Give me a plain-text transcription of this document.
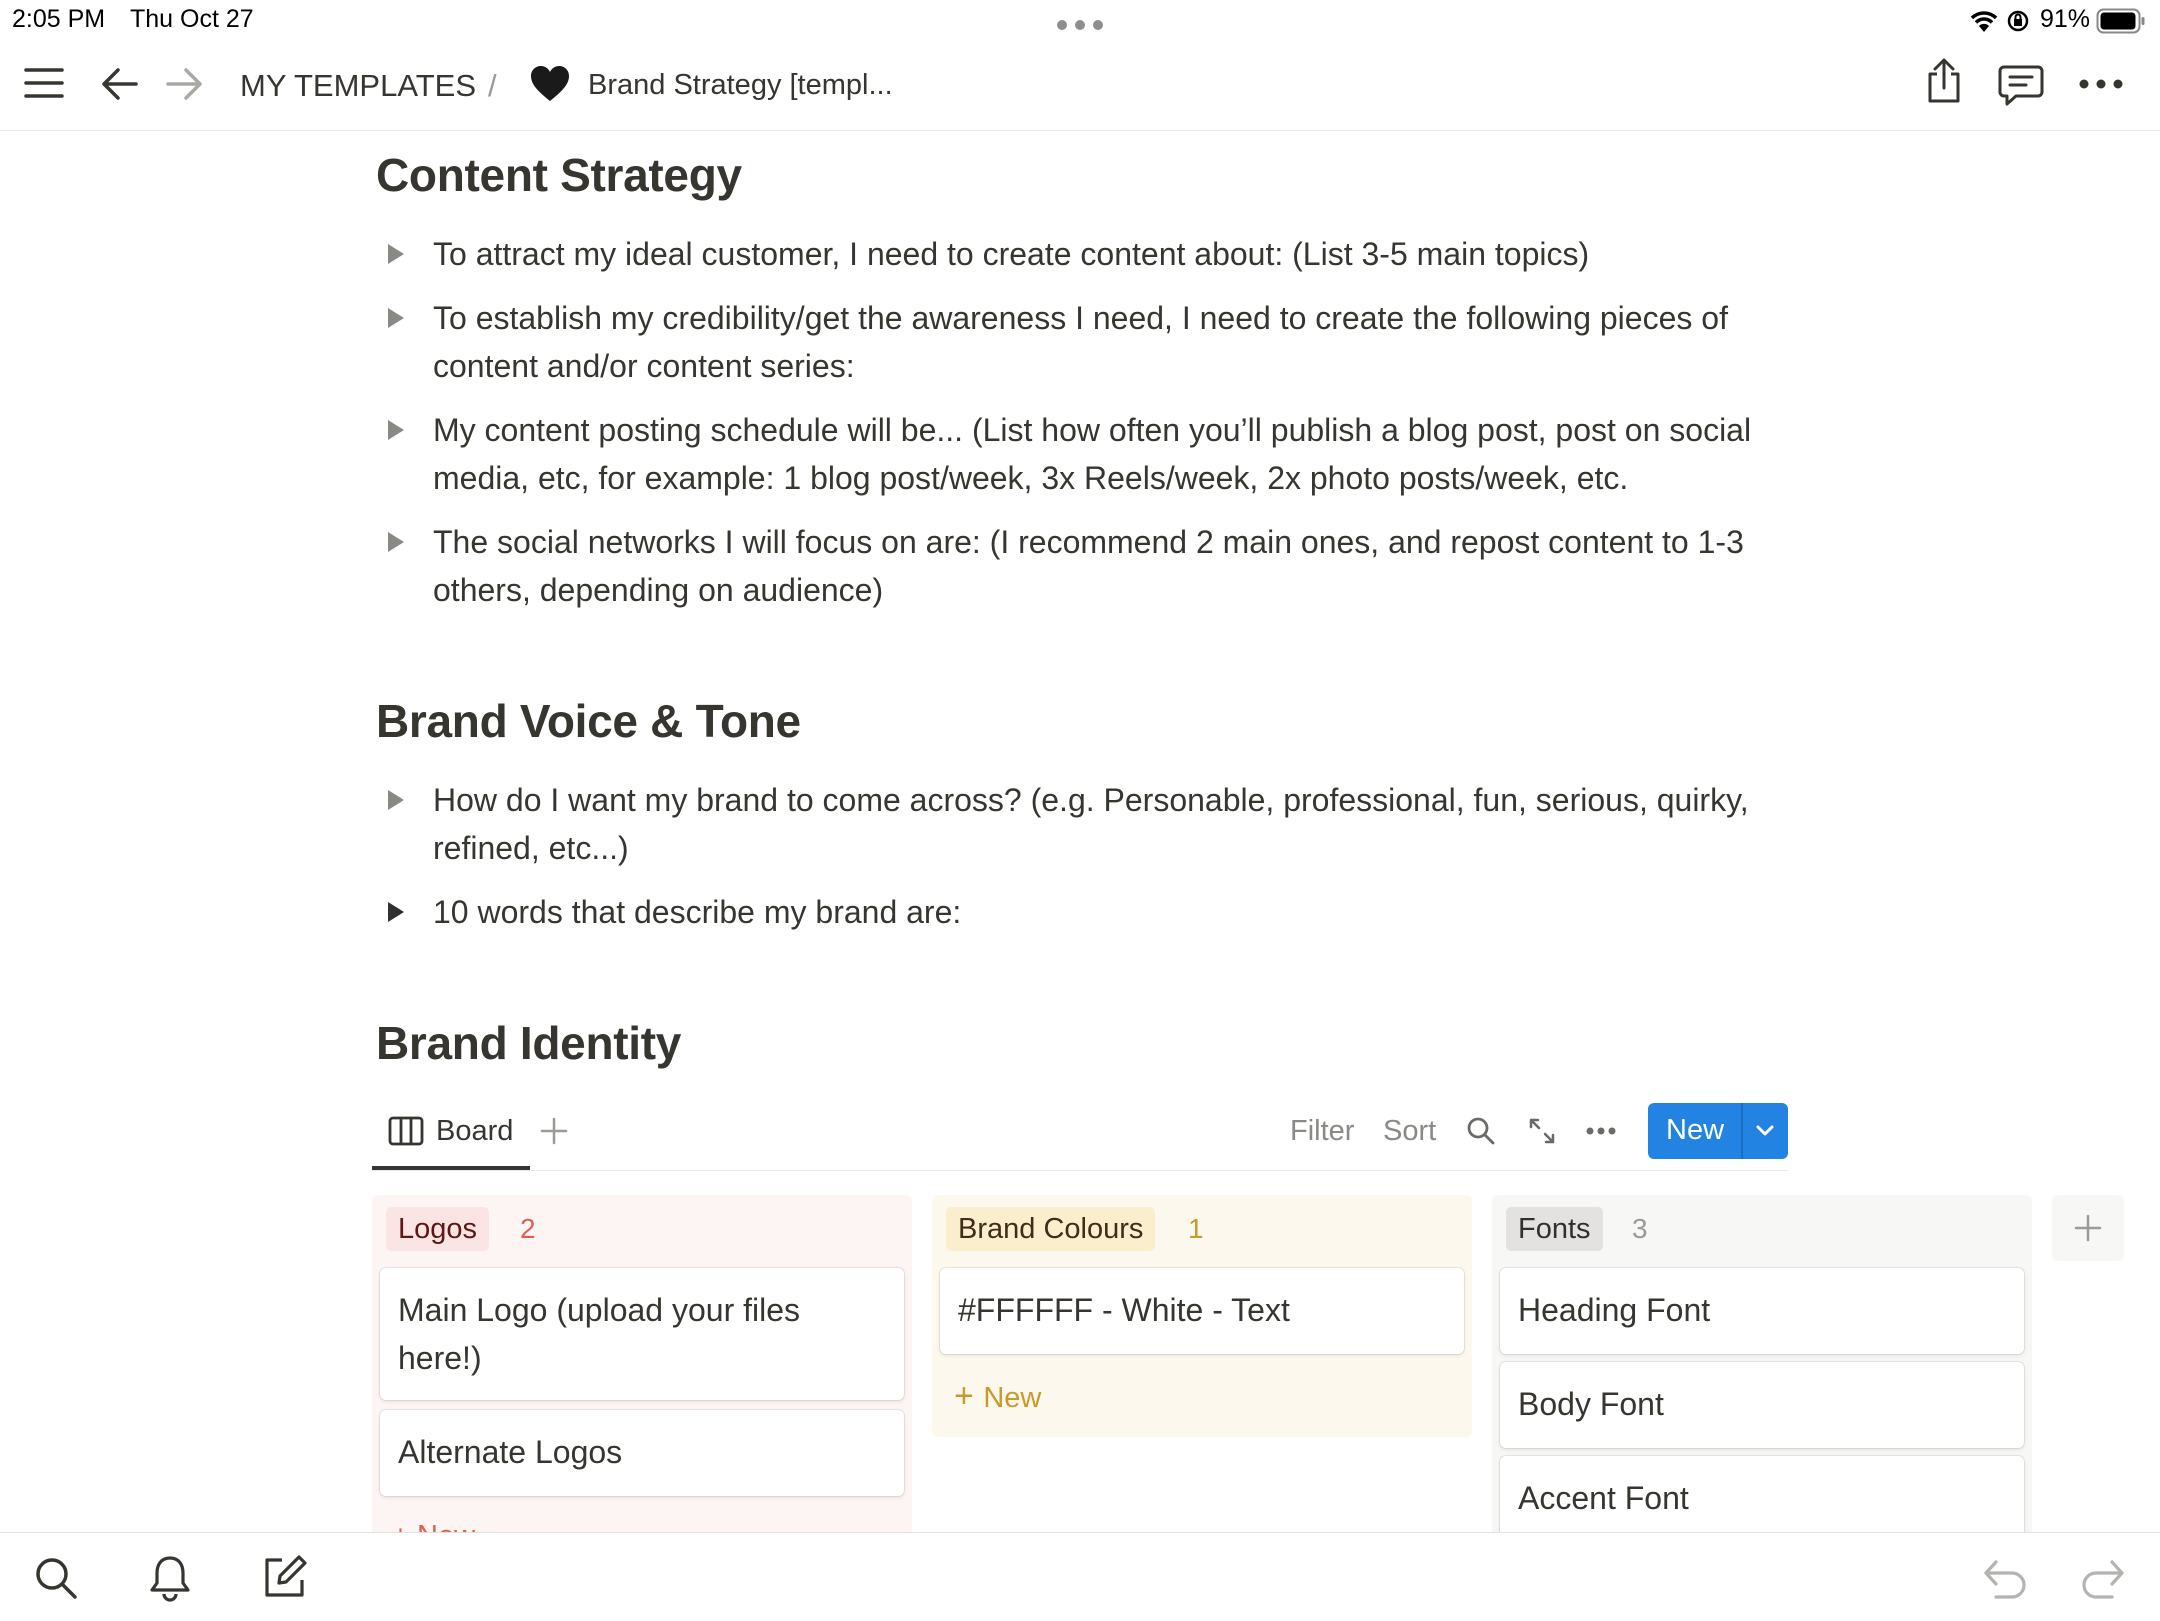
2:05 PM Thu Oct 27	91%
MY TEMPLATES /	Brand Strategy [templ...
Content Strategy
To attract my ideal customer, I need to create content about: (List 3-5 main topics)
To establish my credibility/get the awareness I need, I need to create the following pieces of content and/or content series:
My content posting schedule will be... (List how often you’ll publish a blog post, post on social media, etc, for example: 1 blog post/week, 3x Reels/week, 2x photo posts/week, etc.
The social networks I will focus on are: (I recommend 2 main ones, and repost content to 1-3 others, depending on audience)
Brand Voice & Tone
How do I want my brand to come across? (e.g. Personable, professional, fun, serious, quirky, refined, etc...)
10 words that describe my brand are:
Brand Identity
Board	Filter Sort	New
Logos	2
Main Logo (upload your files here!)
Alternate Logos
Brand Colours	1
#FFFFFF - White - Text
+ New
Fonts	3
Heading Font
Body Font
Accent Font
